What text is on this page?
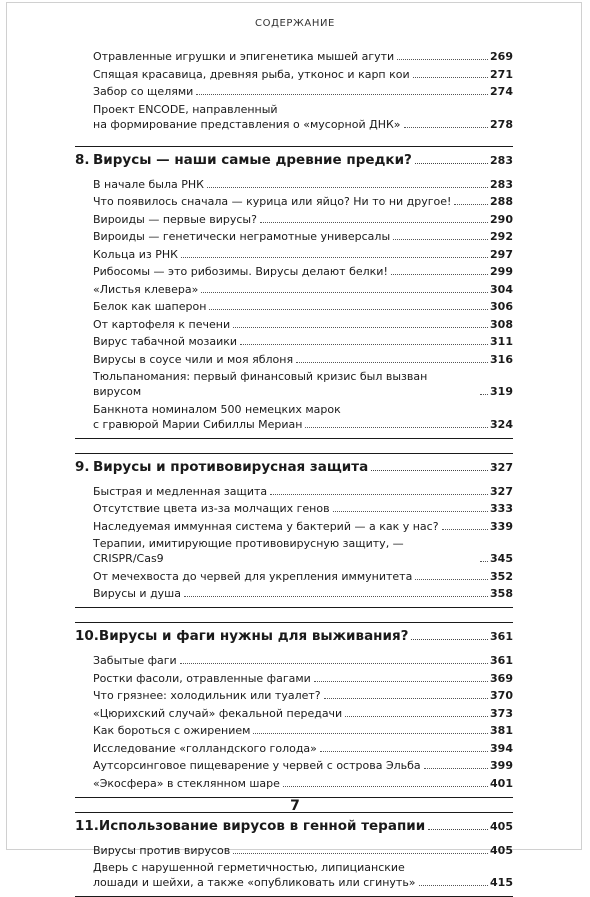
СОДЕРЖАНИЕ
Отравленные игрушки и эпигенетика мышей агути	269
Спящая красавица, древняя рыба, утконос и карп кои	271
Забор со щелями	274
Проект ENCODE, направленный
на формирование представления о «мусорной ДНК»	278
8. Вирусы — наши самые древние предки?	283
В начале была РНК	283
Что появилось сначала — курица или яйцо? Ни то ни другое!	288
Вироиды — первые вирусы?	290
Вироиды — генетически неграмотные универсалы	292
Кольца из РНК	297
Рибосомы — это рибозимы. Вирусы делают белки!	299
«Листья клевера»	304
Белок как шаперон	306
От картофеля к печени	308
Вирус табачной мозаики	311
Вирусы в соусе чили и моя яблоня	316
Тюльпаномания: первый финансовый кризис был вызван вирусом	319
Банкнота номиналом 500 немецких марок
с гравюрой Марии Сибиллы Мериан	324
9. Вирусы и противовирусная защита	327
Быстрая и медленная защита	327
Отсутствие цвета из-за молчащих генов	333
Наследуемая иммунная система у бактерий — а как у нас?	339
Терапии, имитирующие противовирусную защиту, — CRISPR/Cas9	345
От мечехвоста до червей для укрепления иммунитета	352
Вирусы и душа	358
10. Вирусы и фаги нужны для выживания?	361
Забытые фаги	361
Ростки фасоли, отравленные фагами	369
Что грязнее: холодильник или туалет?	370
«Цюрихский случай» фекальной передачи	373
Как бороться с ожирением	381
Исследование «голландского голода»	394
Аутсорсинговое пищеварение у червей с острова Эльба	399
«Экосфера» в стеклянном шаре	401
11. Использование вирусов в генной терапии	405
Вирусы против вирусов	405
Дверь с нарушенной герметичностью, липицианские
лошади и шейхи, а также «опубликовать или сгинуть»	415
7
